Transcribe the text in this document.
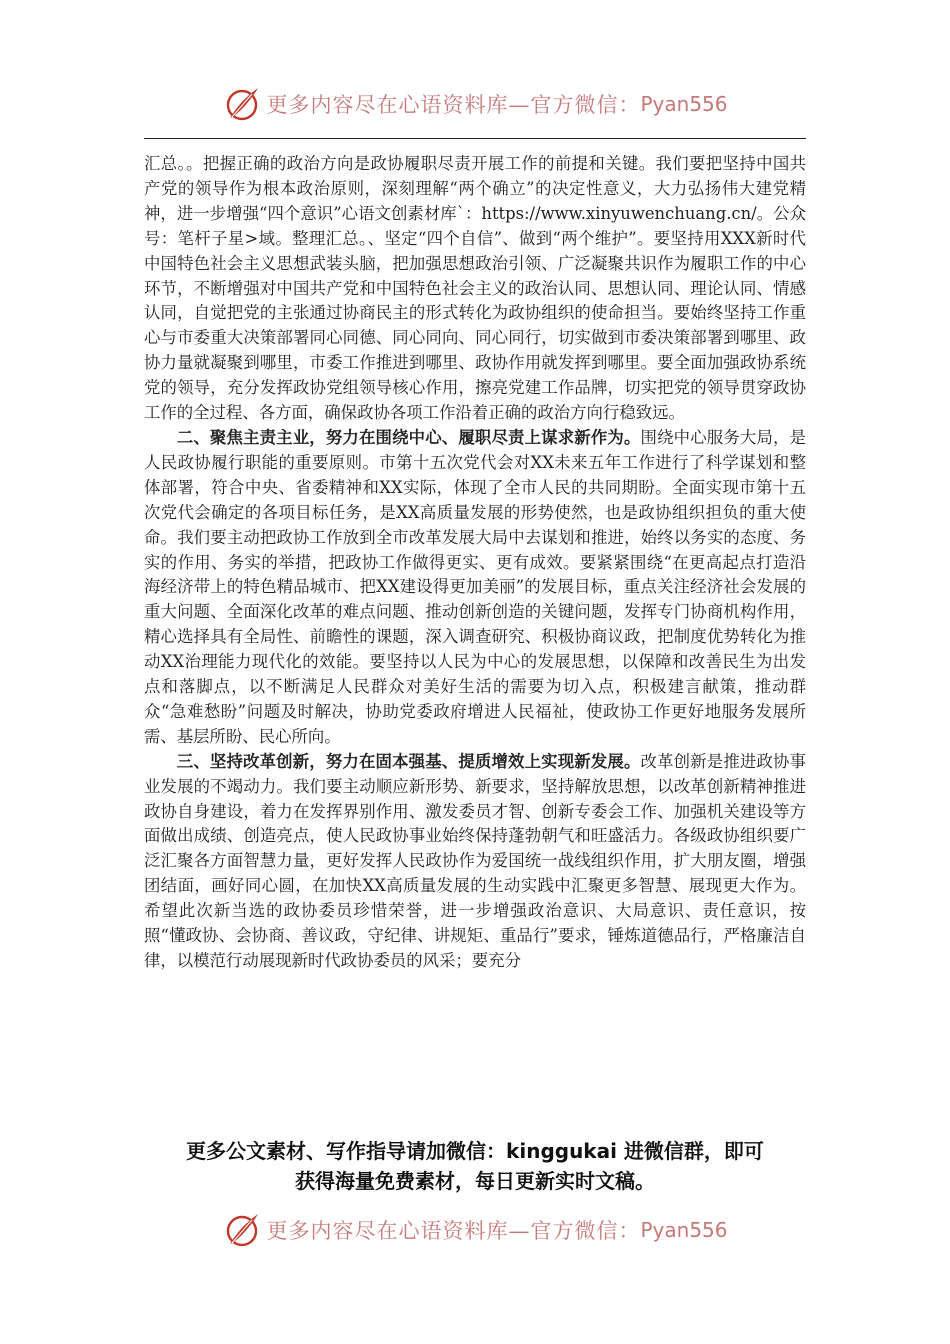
更多内容尽在心语资料库—官方微信： Pyan556

汇总。。把握正确的政治方向是政协履职尽责开展工作的前提和关键。我们要把坚持中国共产党的领导作为根本政治原则，深刻理解“两个确立”的决定性意义，大力弘扬伟大建党精神，进一步增强“四个意识”心语文创素材库`：https://www.xinyuwenchuang.cn/。公众号：笔杆子星>域。整理汇总。、坚定“四个自信”、做到“两个维护”。要坚持用XXX新时代中国特色社会主义思想武装头脑，把加强思想政治引领、广泛凝聚共识作为履职工作的中心环节，不断增强对中国共产党和中国特色社会主义的政治认同、思想认同、理论认同、情感认同，自觉把党的主张通过协商民主的形式转化为政协组织的使命担当。要始终坚持工作重心与市委重大决策部署同心同德、同心同向、同心同行，切实做到市委决策部署到哪里、政协力量就凝聚到哪里，市委工作推进到哪里、政协作用就发挥到哪里。要全面加强政协系统党的领导，充分发挥政协党组领导核心作用，擦亮党建工作品牌，切实把党的领导贯穿政协工作的全过程、各方面，确保政协各项工作沿着正确的政治方向行稳致远。

二、聚焦主责主业，努力在围绕中心、履职尽责上谋求新作为。围绕中心服务大局，是人民政协履行职能的重要原则。市第十五次党代会对XX未来五年工作进行了科学谋划和整体部署，符合中央、省委精神和XX实际，体现了全市人民的共同期盼。全面实现市第十五次党代会确定的各项目标任务，是XX高质量发展的形势使然，也是政协组织担负的重大使命。我们要主动把政协工作放到全市改革发展大局中去谋划和推进，始终以务实的态度、务实的作用、务实的举措，把政协工作做得更实、更有成效。要紧紧围绕“在更高起点打造沿海经济带上的特色精品城市、把XX建设得更加美丽”的发展目标，重点关注经济社会发展的重大问题、全面深化改革的难点问题、推动创新创造的关键问题，发挥专门协商机构作用，精心选择具有全局性、前瞻性的课题，深入调查研究、积极协商议政，把制度优势转化为推动XX治理能力现代化的效能。要坚持以人民为中心的发展思想，以保障和改善民生为出发点和落脚点，以不断满足人民群众对美好生活的需要为切入点，积极建言献策，推动群众“急难愁盼”问题及时解决，协助党委政府增进人民福祉，使政协工作更好地服务发展所需、基层所盼、民心所向。

三、坚持改革创新，努力在固本强基、提质增效上实现新发展。改革创新是推进政协事业发展的不竭动力。我们要主动顺应新形势、新要求，坚持解放思想，以改革创新精神推进政协自身建设，着力在发挥界别作用、激发委员才智、创新专委会工作、加强机关建设等方面做出成绩、创造亮点，使人民政协事业始终保持蓬勃朝气和旺盛活力。各级政协组织要广泛汇聚各方面智慧力量，更好发挥人民政协作为爱国统一战线组织作用，扩大朋友圈，增强团结面，画好同心圆，在加快XX高质量发展的生动实践中汇聚更多智慧、展现更大作为。希望此次新当选的政协委员珍惜荣誉，进一步增强政治意识、大局意识、责任意识，按照“懂政协、会协商、善议政，守纪律、讲规矩、重品行”要求，锤炼道德品行，严格廉洁自律，以模范行动展现新时代政协委员的风采；要充分

更多公文素材、写作指导请加微信：kinggukai 进微信群，即可
获得海量免费素材，每日更新实时文稿。
更多内容尽在心语资料库—官方微信： Pyan556
